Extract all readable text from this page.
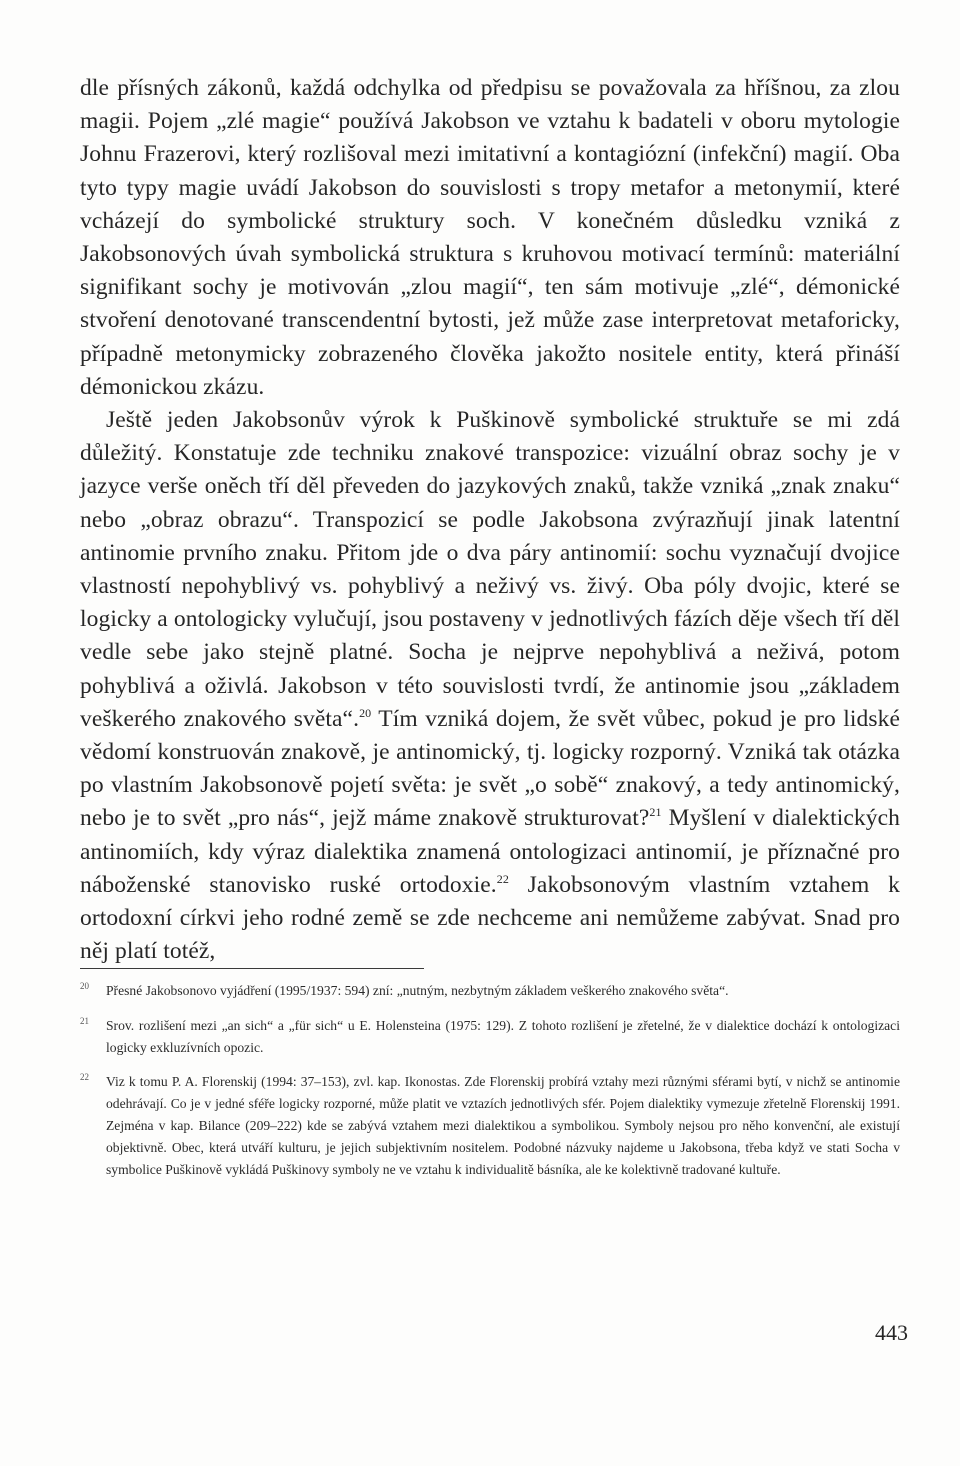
dle přísných zákonů, každá odchylka od předpisu se považovala za hříšnou, za zlou magii. Pojem „zlé magie“ používá Jakobson ve vztahu k badateli v oboru mytologie Johnu Frazerovi, který rozlišoval mezi imitativní a kontagiózní (infekční) magií. Oba tyto typy magie uvádí Jakobson do souvislosti s tropy metafor a metonymií, které vcházejí do symbolické struktury soch. V konečném důsledku vzniká z Jakobsonových úvah symbolická struktura s kruhovou motivací termínů: materiální signifikant sochy je motivován „zlou magií“, ten sám motivuje „zlé“, démonické stvoření denotované transcendentní bytosti, jež může zase interpretovat metaforicky, případně metonymicky zobrazeného člověka jakožto nositele entity, která přináší démonickou zkázu.

Ještě jeden Jakobsonův výrok k Puškinově symbolické struktuře se mi zdá důležitý. Konstatuje zde techniku znakové transpozice: vizuální obraz sochy je v jazyce verše oněch tří děl převeden do jazykových znaků, takže vzniká „znak znaku“ nebo „obraz obrazu“. Transpozicí se podle Jakobsona zvýrazňují jinak latentní antinomie prvního znaku. Přitom jde o dva páry antinomií: sochu vyznačují dvojice vlastností nepohyblivý vs. pohyblivý a neživý vs. živý. Oba póly dvojic, které se logicky a ontologicky vylučují, jsou postaveny v jednotlivých fázích děje všech tří děl vedle sebe jako stejně platné. Socha je nejprve nepohyblivá a neživá, potom pohyblivá a oživlá. Jakobson v této souvislosti tvrdí, že antinomie jsou „základem veškerého znakového světa“.$^{20}$ Tím vzniká dojem, že svět vůbec, pokud je pro lidské vědomí konstruován znakově, je antinomický, tj. logicky rozporný. Vzniká tak otázka po vlastním Jakobsonově pojetí světa: je svět „o sobě“ znakový, a tedy antinomický, nebo je to svět „pro nás“, jejž máme znakově strukturovat?$^{21}$ Myšlení v dialektických antinomiích, kdy výraz dialektika znamená ontologizaci antinomií, je příznačné pro náboženské stanovisko ruské ortodoxie.$^{22}$ Jakobsonovým vlastním vztahem k ortodoxní církvi jeho rodné země se zde nechceme ani nemůžeme zabývat. Snad pro něj platí totéž,

20 Přesné Jakobsonovo vyjádření (1995/1937: 594) zní: „nutným, nezbytným základem veškerého znakového světa“.
21 Srov. rozlišení mezi „an sich“ a „für sich“ u E. Holensteina (1975: 129). Z tohoto rozlišení je zřetelné, že v dialektice dochází k ontologizaci logicky exkluzívních opozic.
22 Viz k tomu P. A. Florenskij (1994: 37–153), zvl. kap. Ikonostas. Zde Florenskij probírá vztahy mezi různými sférami bytí, v nichž se antinomie odehrávají. Co je v jedné sféře logicky rozporné, může platit ve vztazích jednotlivých sfér. Pojem dialektiky vymezuje zřetelně Florenskij 1991. Zejména v kap. Bilance (209–222) kde se zabývá vztahem mezi dialektikou a symbolikou. Symboly nejsou pro něho konvenční, ale existují objektivně. Obec, která utváří kulturu, je jejich subjektivním nositelem. Podobné názvuky najdeme u Jakobsona, třeba když ve stati Socha v symbolice Puškinově vykládá Puškinovy symboly ne ve vztahu k individualitě básníka, ale ke kolektivně tradované kultuře.
443
